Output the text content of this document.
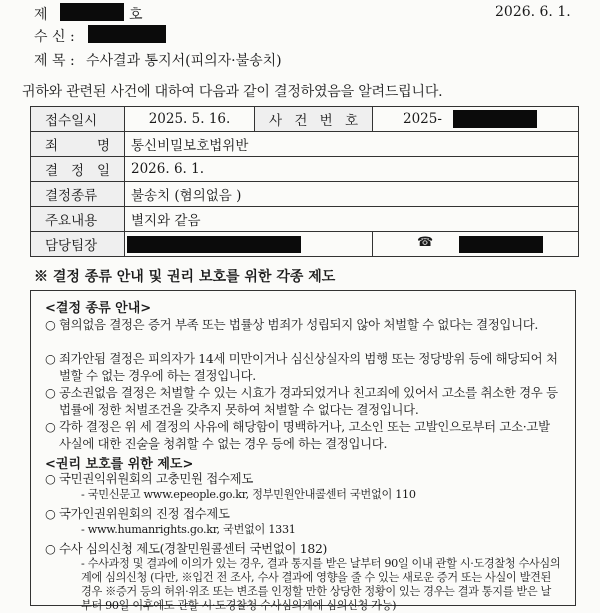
제	호	2026. 6. 1.
수 신 :
제 목 : 수사결과 통지서(피의자·불송치)
귀하와 관련된 사건에 대하여 다음과 같이 결정하였음을 알려드립니다.
접수일시	2025. 5. 16.	사 건 번 호	2025-

죄 명	통신비밀보호법위반		
결 정 일	2026. 6. 1.		
결정종류	불송치 (혐의없음 )		
주요내용	별지와 같음		
담당팀장			☎
※ 결정 종류 안내 및 권리 보호를 위한 각종 제도
<결정 종류 안내>
○ 혐의없음 결정은 증거 부족 또는 법률상 범죄가 성립되지 않아 처벌할 수 없다는 결정입니다.
○ 죄가안됨 결정은 피의자가 14세 미만이거나 심신상실자의 범행 또는 정당방위 등에 해당되어 처벌할 수 없는 경우에 하는 결정입니다.
○ 공소권없음 결정은 처벌할 수 있는 시효가 경과되었거나 친고죄에 있어서 고소를 취소한 경우 등 법률에 정한 처벌조건을 갖추지 못하여 처벌할 수 없다는 결정입니다.
○ 각하 결정은 위 세 결정의 사유에 해당함이 명백하거나, 고소인 또는 고발인으로부터 고소·고발 사실에 대한 진술을 청취할 수 없는 경우 등에 하는 결정입니다.
<권리 보호를 위한 제도>
○ 국민권익위원회의 고충민원 접수제도
- 국민신문고 www.epeople.go.kr, 정부민원안내콜센터 국번없이 110
○ 국가인권위원회의 진정 접수제도
- www.humanrights.go.kr, 국번없이 1331
○ 수사 심의신청 제도(경찰민원콜센터 국번없이 182)
- 수사과정 및 결과에 이의가 있는 경우, 결과 통지를 받은 날부터 90일 이내 관할 시·도경찰청 수사심의계에 심의신청 (다만, ※입건 전 조사, 수사 결과에 영향을 줄 수 있는 새로운 증거 또는 사실이 발견된 경우 ※증거 등의 허위·위조 또는 변조를 인정할 만한 상당한 정황이 있는 경우는 결과 통지를 받은 날부터 90일 이후에도 관할 시·도경찰청 수사심의계에 심의신청 가능)
